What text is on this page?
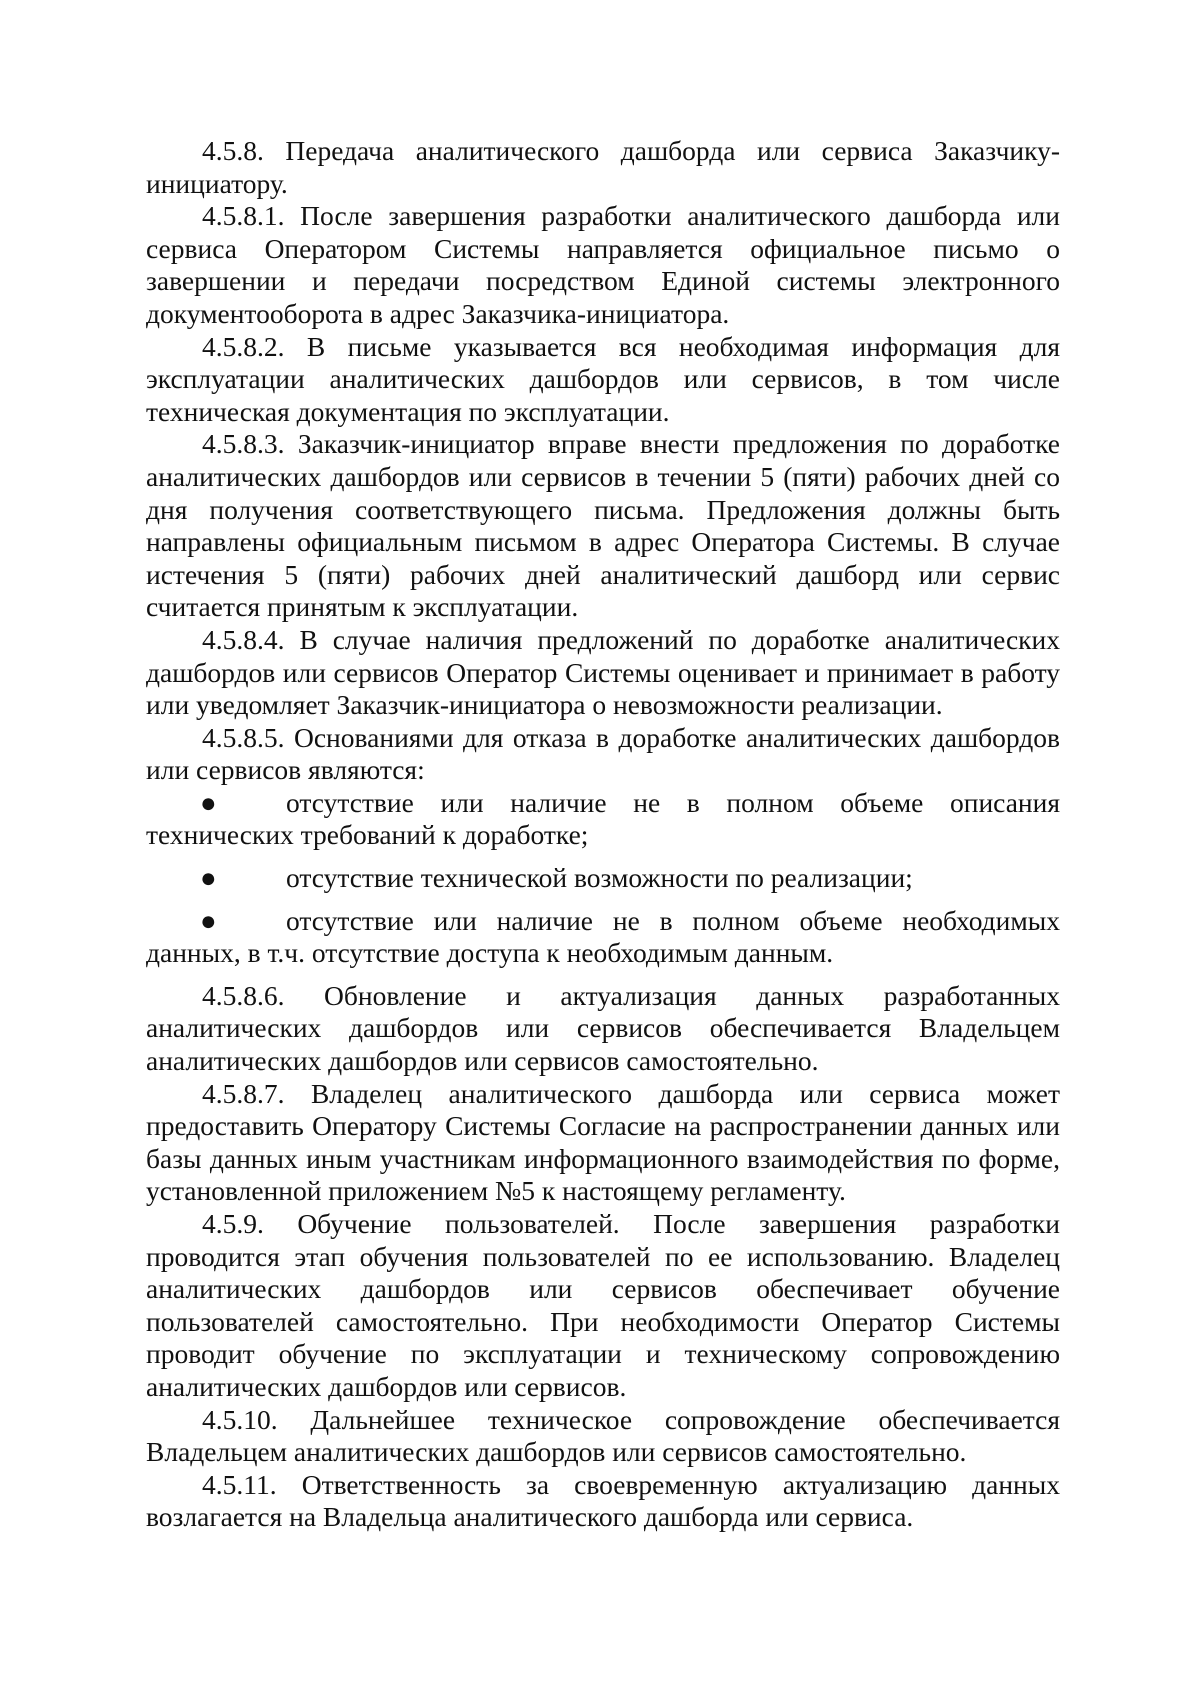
4.5.8. Передача аналитического дашборда или сервиса Заказчику-инициатору.

4.5.8.1. После завершения разработки аналитического дашборда или сервиса Оператором Системы направляется официальное письмо о завершении и передачи посредством Единой системы электронного документооборота в адрес Заказчика-инициатора.

4.5.8.2. В письме указывается вся необходимая информация для эксплуатации аналитических дашбордов или сервисов, в том числе техническая документация по эксплуатации.

4.5.8.3. Заказчик-инициатор вправе внести предложения по доработке аналитических дашбордов или сервисов в течении 5 (пяти) рабочих дней со дня получения соответствующего письма. Предложения должны быть направлены официальным письмом в адрес Оператора Системы. В случае истечения 5 (пяти) рабочих дней аналитический дашборд или сервис считается принятым к эксплуатации.

4.5.8.4. В случае наличия предложений по доработке аналитических дашбордов или сервисов Оператор Системы оценивает и принимает в работу или уведомляет Заказчик-инициатора о невозможности реализации.

4.5.8.5. Основаниями для отказа в доработке аналитических дашбордов или сервисов являются:

●	отсутствие или наличие не в полном объеме описания технических требований к доработке;

●	отсутствие технической возможности по реализации;

●	отсутствие или наличие не в полном объеме необходимых данных, в т.ч. отсутствие доступа к необходимым данным.

4.5.8.6. Обновление и актуализация данных разработанных аналитических дашбордов или сервисов обеспечивается Владельцем аналитических дашбордов или сервисов самостоятельно.

4.5.8.7. Владелец аналитического дашборда или сервиса может предоставить Оператору Системы Согласие на распространении данных или базы данных иным участникам информационного взаимодействия по форме, установленной приложением №5 к настоящему регламенту.

4.5.9. Обучение пользователей. После завершения разработки проводится этап обучения пользователей по ее использованию. Владелец аналитических дашбордов или сервисов обеспечивает обучение пользователей самостоятельно. При необходимости Оператор Системы проводит обучение по эксплуатации и техническому сопровождению аналитических дашбордов или сервисов.

4.5.10. Дальнейшее техническое сопровождение обеспечивается Владельцем аналитических дашбордов или сервисов самостоятельно.

4.5.11. Ответственность за своевременную актуализацию данных возлагается на Владельца аналитического дашборда или сервиса.
